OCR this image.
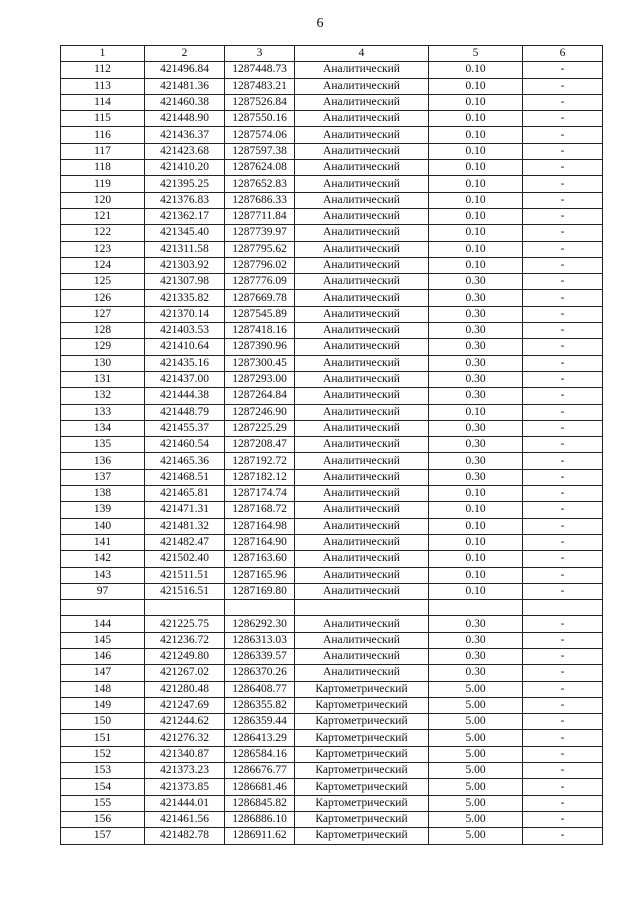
6
1	2	3	4	5	6
112	421496.84	1287448.73	Аналитический	0.10	-
113	421481.36	1287483.21	Аналитический	0.10	-
114	421460.38	1287526.84	Аналитический	0.10	-
115	421448.90	1287550.16	Аналитический	0.10	-
116	421436.37	1287574.06	Аналитический	0.10	-
117	421423.68	1287597.38	Аналитический	0.10	-
118	421410.20	1287624.08	Аналитический	0.10	-
119	421395.25	1287652.83	Аналитический	0.10	-
120	421376.83	1287686.33	Аналитический	0.10	-
121	421362.17	1287711.84	Аналитический	0.10	-
122	421345.40	1287739.97	Аналитический	0.10	-
123	421311.58	1287795.62	Аналитический	0.10	-
124	421303.92	1287796.02	Аналитический	0.10	-
125	421307.98	1287776.09	Аналитический	0.30	-
126	421335.82	1287669.78	Аналитический	0.30	-
127	421370.14	1287545.89	Аналитический	0.30	-
128	421403.53	1287418.16	Аналитический	0.30	-
129	421410.64	1287390.96	Аналитический	0.30	-
130	421435.16	1287300.45	Аналитический	0.30	-
131	421437.00	1287293.00	Аналитический	0.30	-
132	421444.38	1287264.84	Аналитический	0.30	-
133	421448.79	1287246.90	Аналитический	0.10	-
134	421455.37	1287225.29	Аналитический	0.30	-
135	421460.54	1287208.47	Аналитический	0.30	-
136	421465.36	1287192.72	Аналитический	0.30	-
137	421468.51	1287182.12	Аналитический	0.30	-
138	421465.81	1287174.74	Аналитический	0.10	-
139	421471.31	1287168.72	Аналитический	0.10	-
140	421481.32	1287164.98	Аналитический	0.10	-
141	421482.47	1287164.90	Аналитический	0.10	-
142	421502.40	1287163.60	Аналитический	0.10	-
143	421511.51	1287165.96	Аналитический	0.10	-
97	421516.51	1287169.80	Аналитический	0.10	-

144	421225.75	1286292.30	Аналитический	0.30	-
145	421236.72	1286313.03	Аналитический	0.30	-
146	421249.80	1286339.57	Аналитический	0.30	-
147	421267.02	1286370.26	Аналитический	0.30	-
148	421280.48	1286408.77	Картометрический	5.00	-
149	421247.69	1286355.82	Картометрический	5.00	-
150	421244.62	1286359.44	Картометрический	5.00	-
151	421276.32	1286413.29	Картометрический	5.00	-
152	421340.87	1286584.16	Картометрический	5.00	-
153	421373.23	1286676.77	Картометрический	5.00	-
154	421373.85	1286681.46	Картометрический	5.00	-
155	421444.01	1286845.82	Картометрический	5.00	-
156	421461.56	1286886.10	Картометрический	5.00	-
157	421482.78	1286911.62	Картометрический	5.00	-
